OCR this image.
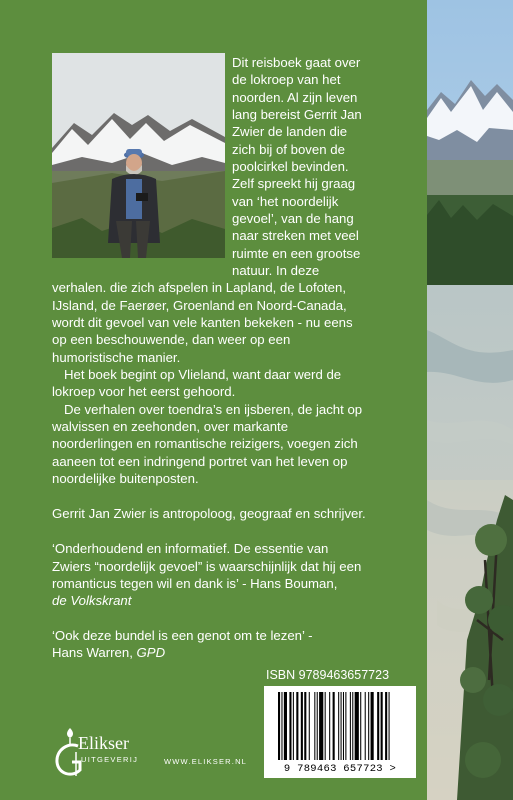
Dit reisboek gaat over
de lokroep van het
noorden. Al zijn leven
lang bereist Gerrit Jan
Zwier de landen die
zich bij of boven de
poolcirkel bevinden.
Zelf spreekt hij graag
van ‘het noordelijk
gevoel’, van de hang
naar streken met veel
ruimte en een grootse
natuur. In deze
verhalen. die zich afspelen in Lapland, de Lofoten,
IJsland, de Faerøer, Groenland en Noord-Canada,
wordt dit gevoel van vele kanten bekeken - nu eens
op een beschouwende, dan weer op een
humoristische manier.
Het boek begint op Vlieland, want daar werd de
lokroep voor het eerst gehoord.
De verhalen over toendra’s en ijsberen, de jacht op
walvissen en zeehonden, over markante
noorderlingen en romantische reizigers, voegen zich
aaneen tot een indringend portret van het leven op
noordelijke buitenposten.
Gerrit Jan Zwier is antropoloog, geograaf en schrijver.
‘Onderhoudend en informatief. De essentie van
Zwiers “noordelijk gevoel” is waarschijnlijk dat hij een
romanticus tegen wil en dank is’ - Hans Bouman,
de Volkskrant
‘Ook deze bundel is een genot om te lezen’ -
Hans Warren, GPD
ISBN 9789463657723
9 789463 657723 >
Elikser
UITGEVERIJ	WWW.ELIKSER.NL
